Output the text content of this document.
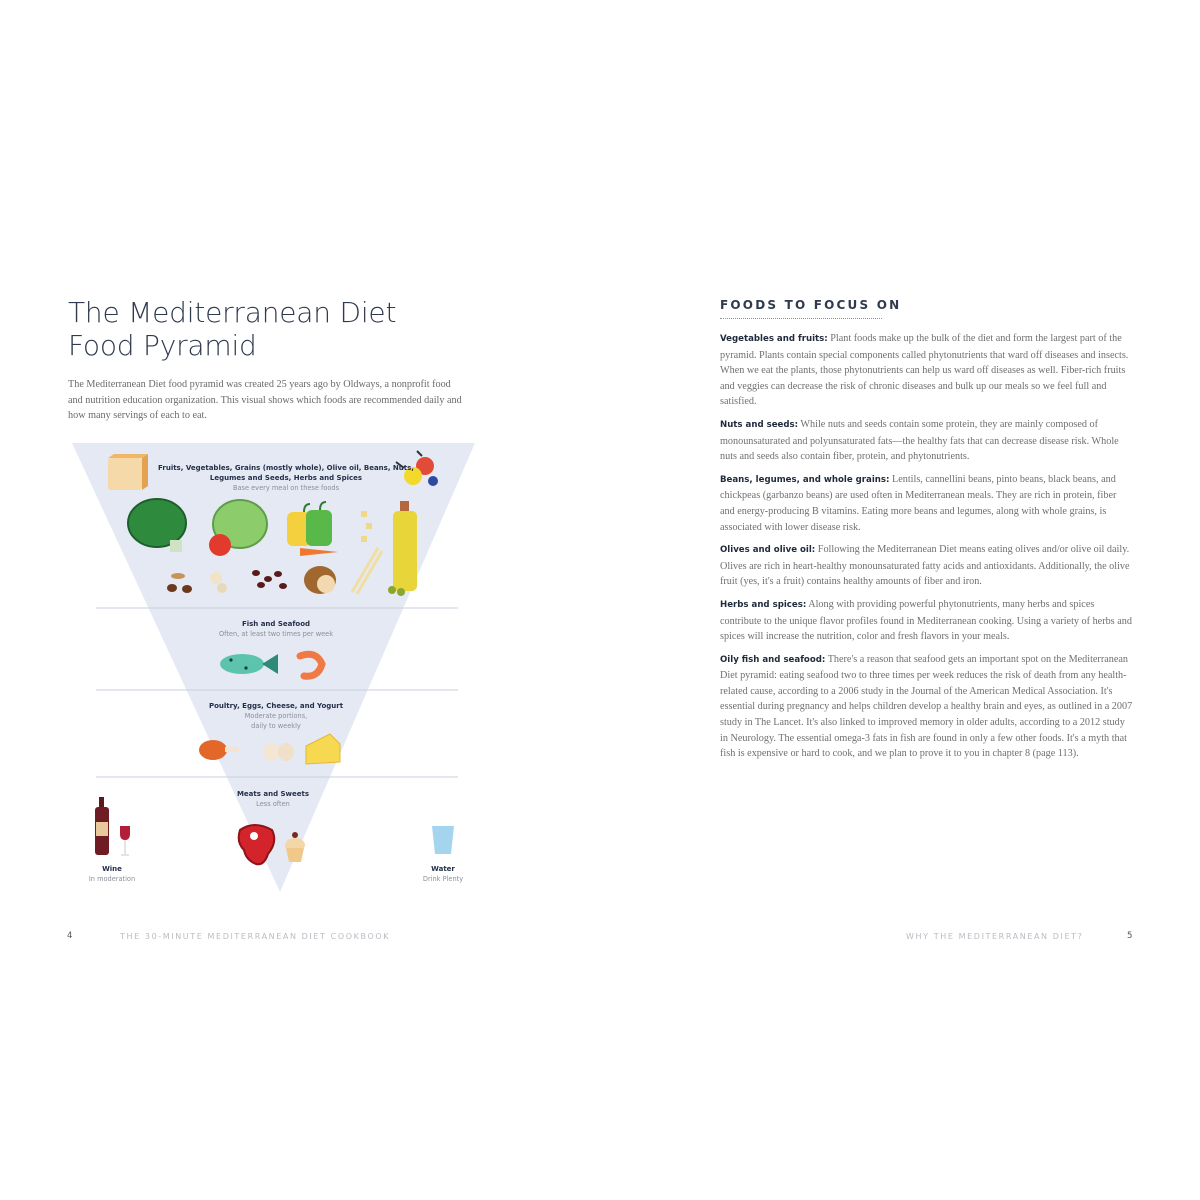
The Mediterranean Diet
Food Pyramid
The Mediterranean Diet food pyramid was created 25 years ago by Oldways, a nonprofit food and nutrition education organization. This visual shows which foods are recommended daily and how many servings of each to eat.
Fruits, Vegetables, Grains (mostly whole), Olive oil, Beans, Nuts, Legumes and Seeds, Herbs and Spices
Base every meal on these foods
Fish and Seafood
Often, at least two times per week
Poultry, Eggs, Cheese, and Yogurt
Moderate portions,
daily to weekly
Meats and Sweets
Less often
Wine
In moderation
Water
Drink Plenty
4	THE 30-MINUTE MEDITERRANEAN DIET COOKBOOK
FOODS TO FOCUS ON

Vegetables and fruits: Plant foods make up the bulk of the diet and form the largest part of the pyramid. Plants contain special components called phytonutrients that ward off diseases and insects. When we eat the plants, those phytonutrients can help us ward off diseases as well. Fiber-rich fruits and veggies can decrease the risk of chronic diseases and bulk up our meals so we feel full and satisfied.

Nuts and seeds: While nuts and seeds contain some protein, they are mainly composed of monounsaturated and polyunsaturated fats—the healthy fats that can decrease disease risk. Whole nuts and seeds also contain fiber, protein, and phytonutrients.

Beans, legumes, and whole grains: Lentils, cannellini beans, pinto beans, black beans, and chickpeas (garbanzo beans) are used often in Mediterranean meals. They are rich in protein, fiber and energy-producing B vitamins. Eating more beans and legumes, along with whole grains, is associated with lower disease risk.

Olives and olive oil: Following the Mediterranean Diet means eating olives and/or olive oil daily. Olives are rich in heart-healthy monounsaturated fatty acids and antioxidants. Additionally, the olive fruit (yes, it's a fruit) contains healthy amounts of fiber and iron.

Herbs and spices: Along with providing powerful phytonutrients, many herbs and spices contribute to the unique flavor profiles found in Mediterranean cooking. Using a variety of herbs and spices will increase the nutrition, color and fresh flavors in your meals.

Oily fish and seafood: There's a reason that seafood gets an important spot on the Mediterranean Diet pyramid: eating seafood two to three times per week reduces the risk of death from any health-related cause, according to a 2006 study in the Journal of the American Medical Association. It's essential during pregnancy and helps children develop a healthy brain and eyes, as outlined in a 2007 study in The Lancet. It's also linked to improved memory in older adults, according to a 2012 study in Neurology. The essential omega-3 fats in fish are found in only a few other foods. It's a myth that fish is expensive or hard to cook, and we plan to prove it to you in chapter 8 (page 113).

WHY THE MEDITERRANEAN DIET?	5
